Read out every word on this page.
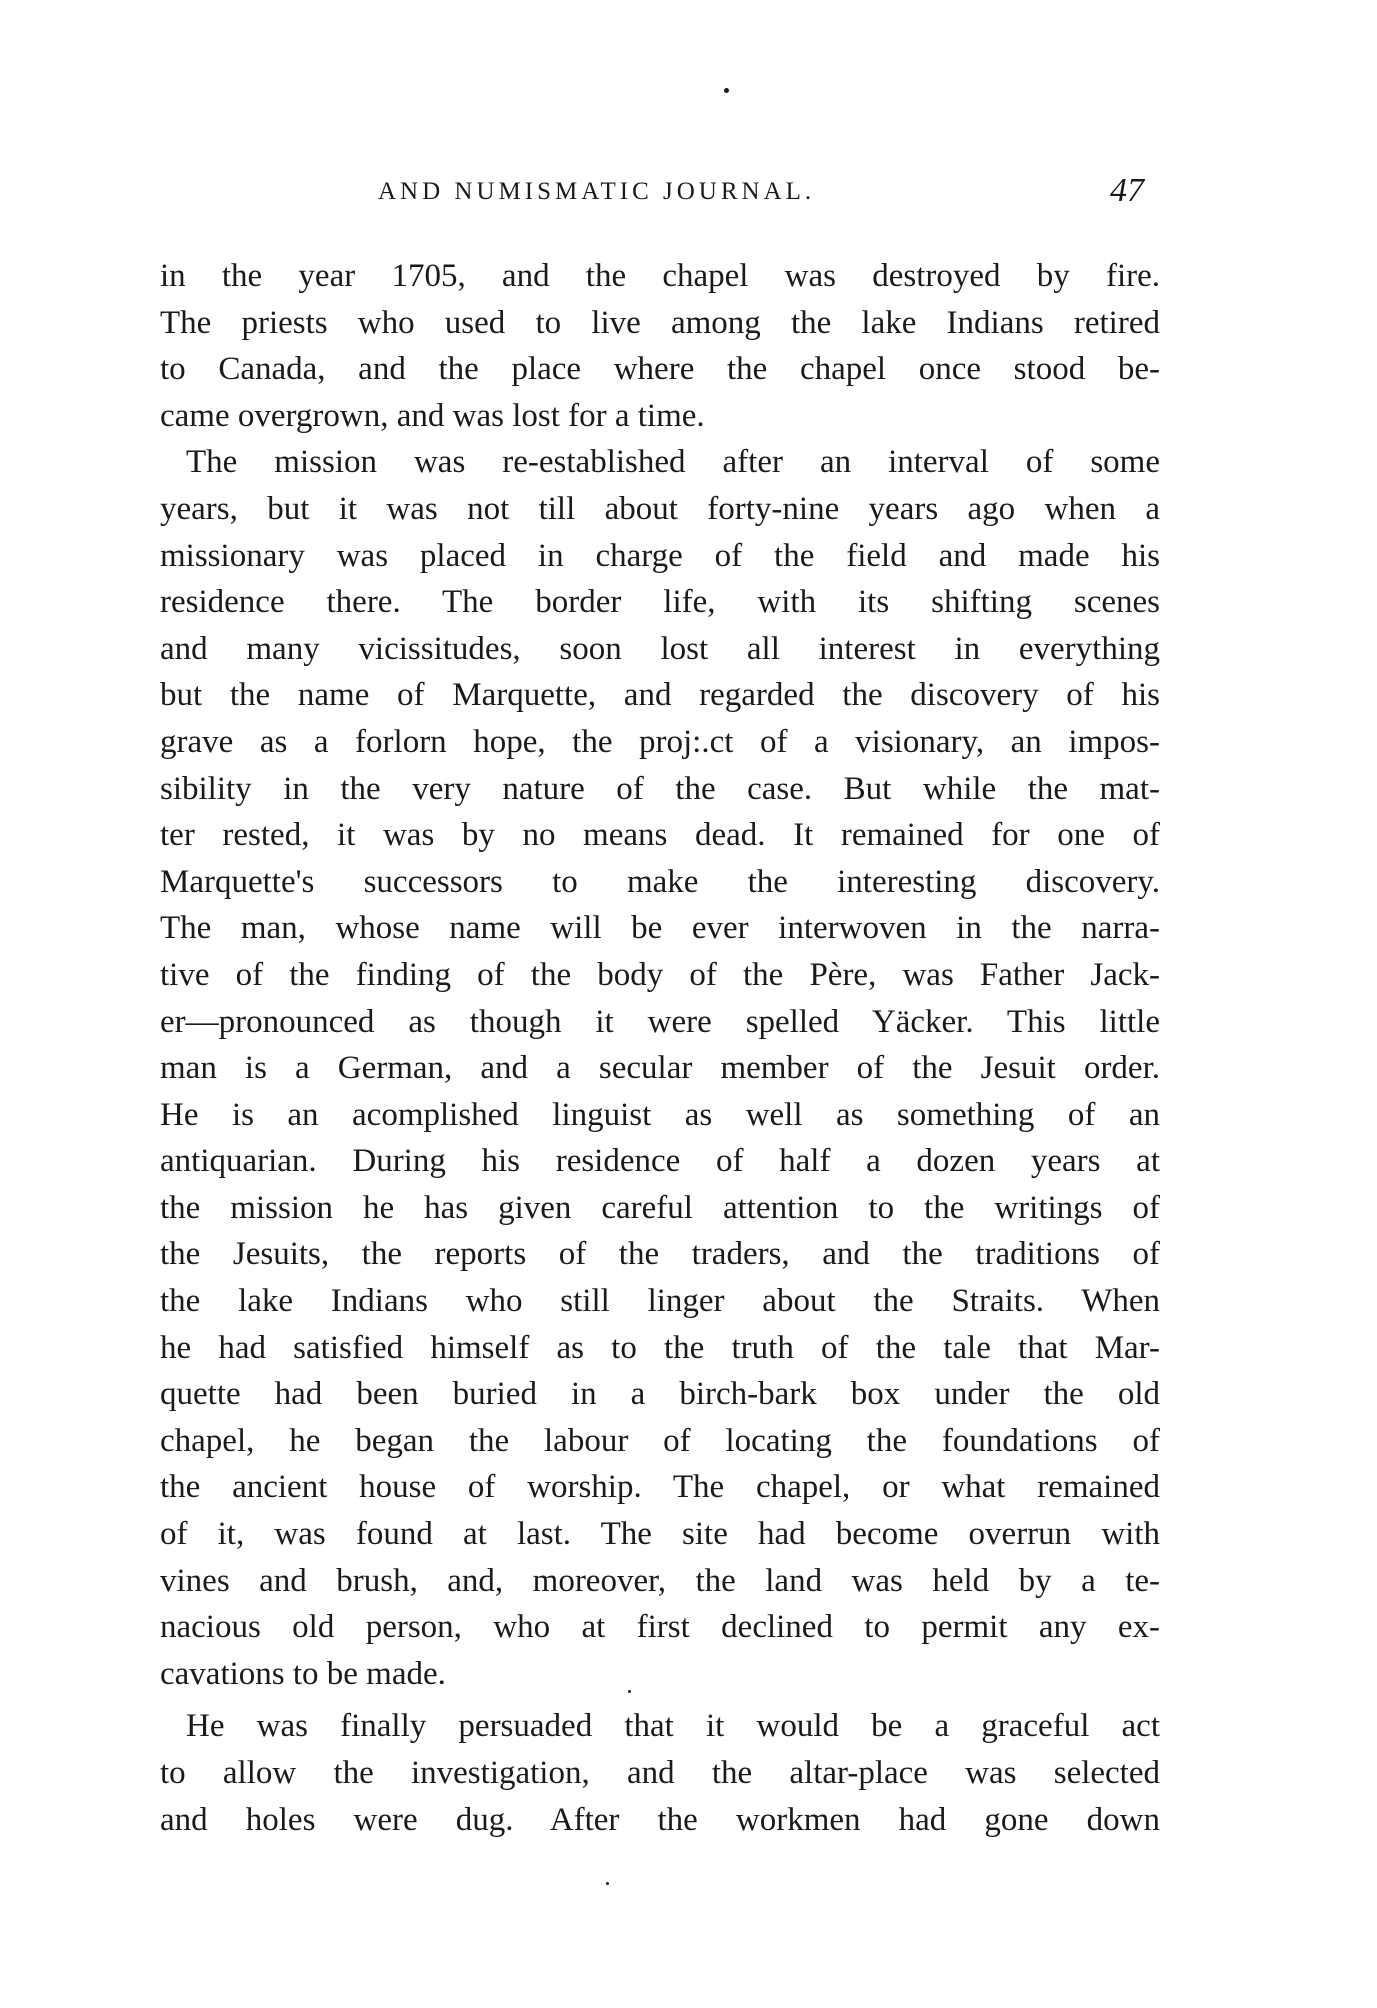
AND NUMISMATIC JOURNAL.	47
in the year 1705, and the chapel was destroyed by fire.
The priests who used to live among the lake Indians retired
to Canada, and the place where the chapel once stood be-
came overgrown, and was lost for a time.
The mission was re-established after an interval of some
years, but it was not till about forty-nine years ago when a
missionary was placed in charge of the field and made his
residence there. The border life, with its shifting scenes
and many vicissitudes, soon lost all interest in everything
but the name of Marquette, and regarded the discovery of his
grave as a forlorn hope, the proj:.ct of a visionary, an impos-
sibility in the very nature of the case. But while the mat-
ter rested, it was by no means dead. It remained for one of
Marquette's successors to make the interesting discovery.
The man, whose name will be ever interwoven in the narra-
tive of the finding of the body of the Père, was Father Jack-
er—pronounced as though it were spelled Yäcker. This little
man is a German, and a secular member of the Jesuit order.
He is an acomplished linguist as well as something of an
antiquarian. During his residence of half a dozen years at
the mission he has given careful attention to the writings of
the Jesuits, the reports of the traders, and the traditions of
the lake Indians who still linger about the Straits. When
he had satisfied himself as to the truth of the tale that Mar-
quette had been buried in a birch-bark box under the old
chapel, he began the labour of locating the foundations of
the ancient house of worship. The chapel, or what remained
of it, was found at last. The site had become overrun with
vines and brush, and, moreover, the land was held by a te-
nacious old person, who at first declined to permit any ex-
cavations to be made.
He was finally persuaded that it would be a graceful act
to allow the investigation, and the altar-place was selected
and holes were dug. After the workmen had gone down
